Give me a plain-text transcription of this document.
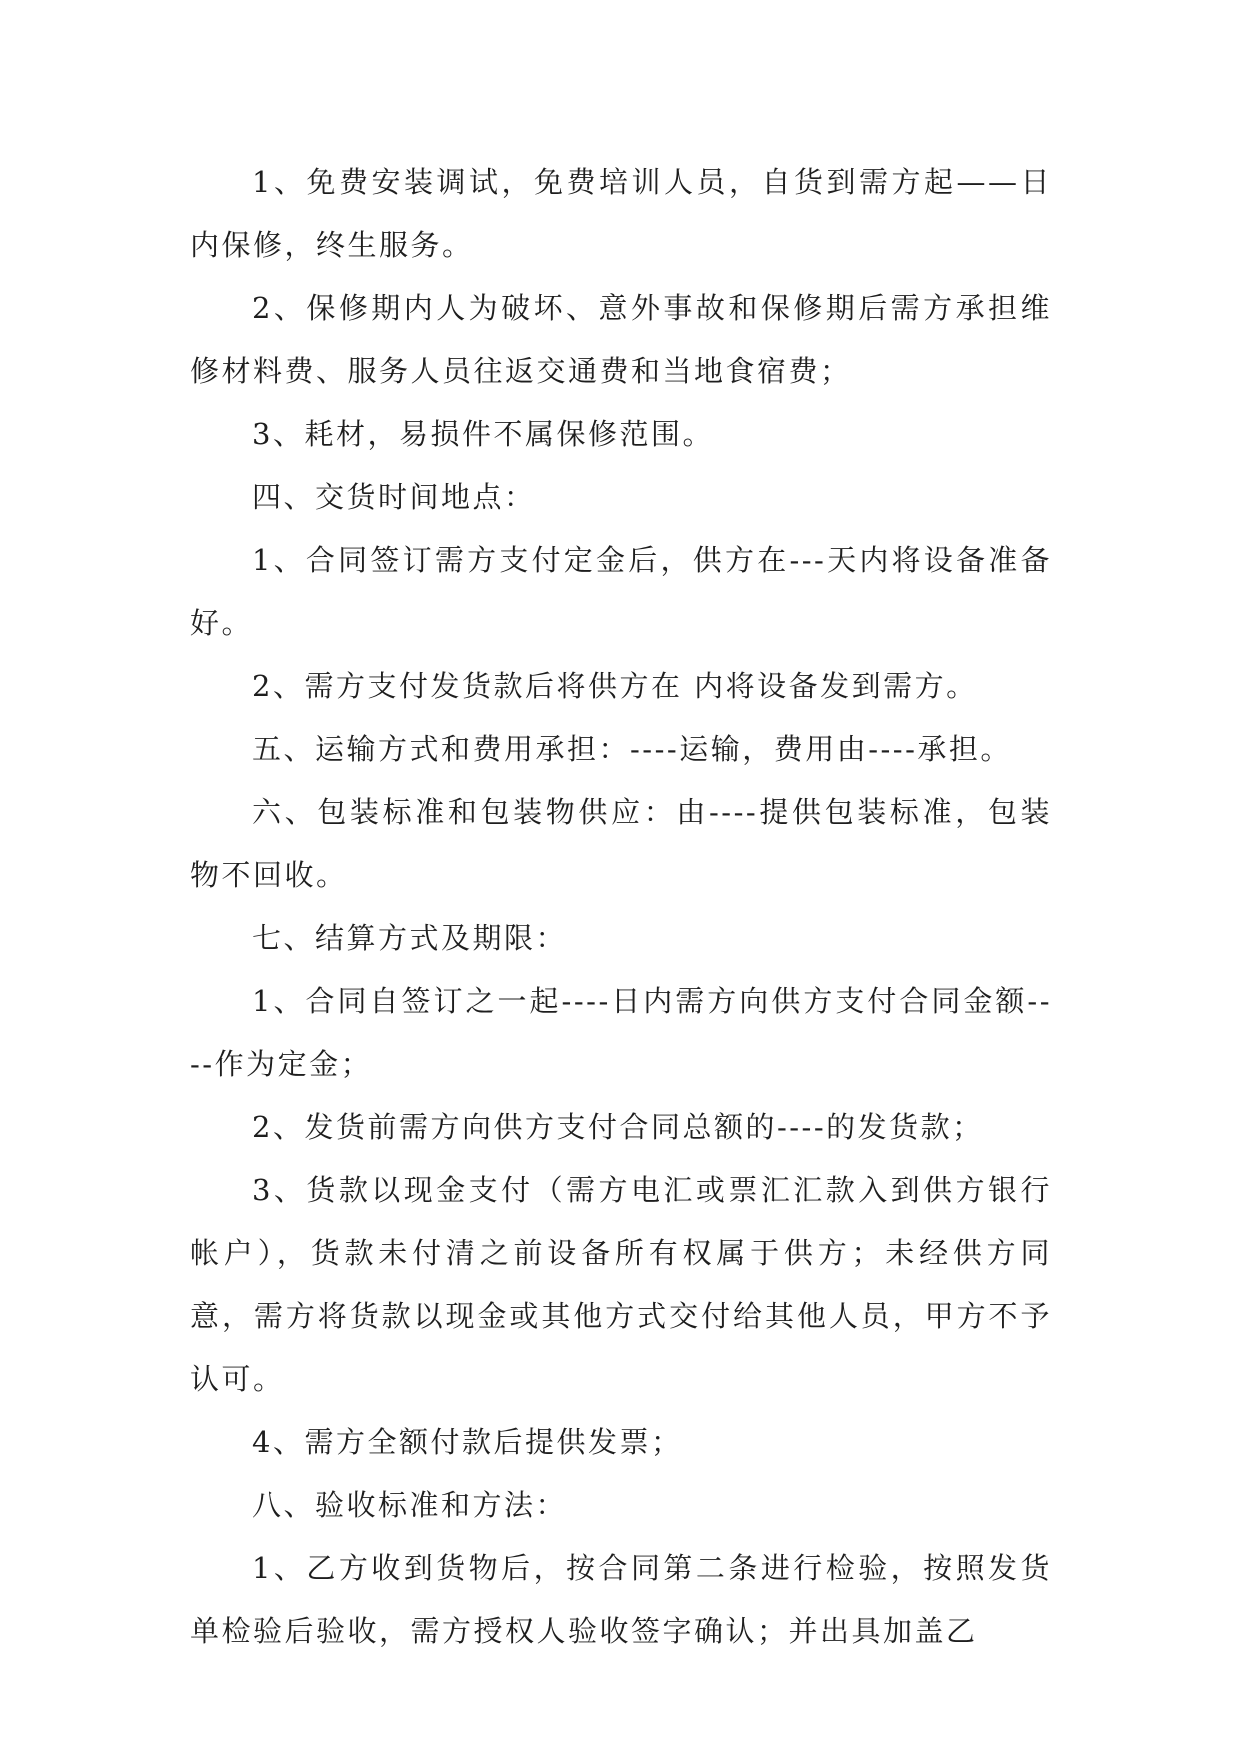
1、免费安装调试，免费培训人员，自货到需方起——日内保修，终生服务。

2、保修期内人为破坏、意外事故和保修期后需方承担维修材料费、服务人员往返交通费和当地食宿费；

3、耗材，易损件不属保修范围。

四、交货时间地点：

1、合同签订需方支付定金后，供方在---天内将设备准备好。

2、需方支付发货款后将供方在 内将设备发到需方。

五、运输方式和费用承担：----运输，费用由----承担。

六、包装标准和包装物供应：由----提供包装标准，包装物不回收。

七、结算方式及期限：

1、合同自签订之一起----日内需方向供方支付合同金额----作为定金；

2、发货前需方向供方支付合同总额的----的发货款；

3、货款以现金支付（需方电汇或票汇汇款入到供方银行帐户），货款未付清之前设备所有权属于供方；未经供方同意，需方将货款以现金或其他方式交付给其他人员，甲方不予认可。

4、需方全额付款后提供发票；

八、验收标准和方法：

1、乙方收到货物后，按合同第二条进行检验，按照发货单检验后验收，需方授权人验收签字确认；并出具加盖乙
